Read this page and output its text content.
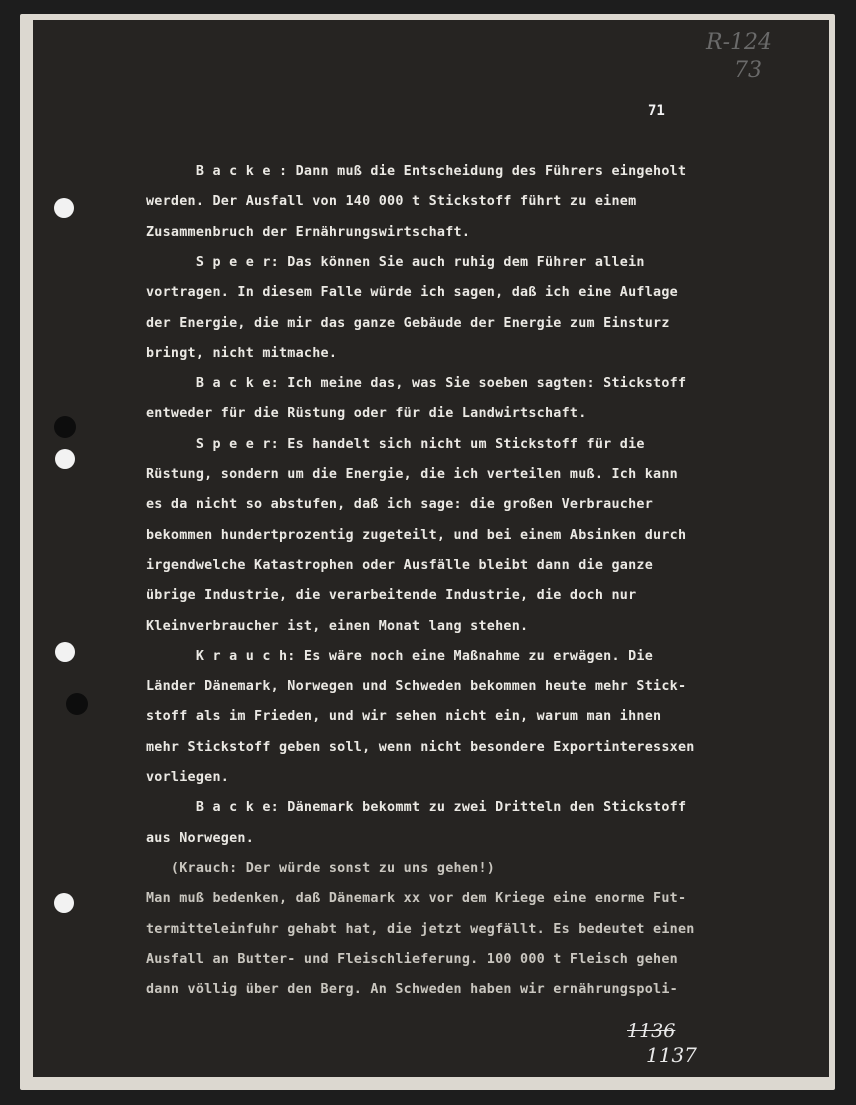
R-124
73
71
B a c k e : Dann muß die Entscheidung des Führers eingeholt
werden. Der Ausfall von 140 000 t Stickstoff führt zu einem
Zusammenbruch der Ernährungswirtschaft.
S p e e r: Das können Sie auch ruhig dem Führer allein
vortragen. In diesem Falle würde ich sagen, daß ich eine Auflage
der Energie, die mir das ganze Gebäude der Energie zum Einsturz
bringt, nicht mitmache.
B a c k e: Ich meine das, was Sie soeben sagten: Stickstoff
entweder für die Rüstung oder für die Landwirtschaft.
S p e e r: Es handelt sich nicht um Stickstoff für die
Rüstung, sondern um die Energie, die ich verteilen muß. Ich kann
es da nicht so abstufen, daß ich sage: die großen Verbraucher
bekommen hundertprozentig zugeteilt, und bei einem Absinken durch
irgendwelche Katastrophen oder Ausfälle bleibt dann die ganze
übrige Industrie, die verarbeitende Industrie, die doch nur
Kleinverbraucher ist, einen Monat lang stehen.
K r a u c h: Es wäre noch eine Maßnahme zu erwägen. Die
Länder Dänemark, Norwegen und Schweden bekommen heute mehr Stick-
stoff als im Frieden, und wir sehen nicht ein, warum man ihnen
mehr Stickstoff geben soll, wenn nicht besondere Exportinteressxen
vorliegen.
B a c k e: Dänemark bekommt zu zwei Dritteln den Stickstoff
aus Norwegen.
(Krauch: Der würde sonst zu uns gehen!)
Man muß bedenken, daß Dänemark xx vor dem Kriege eine enorme Fut-
termitteleinfuhr gehabt hat, die jetzt wegfällt. Es bedeutet einen
Ausfall an Butter- und Fleischlieferung. 100 000 t Fleisch gehen
dann völlig über den Berg. An Schweden haben wir ernährungspoli-
1136
1137
